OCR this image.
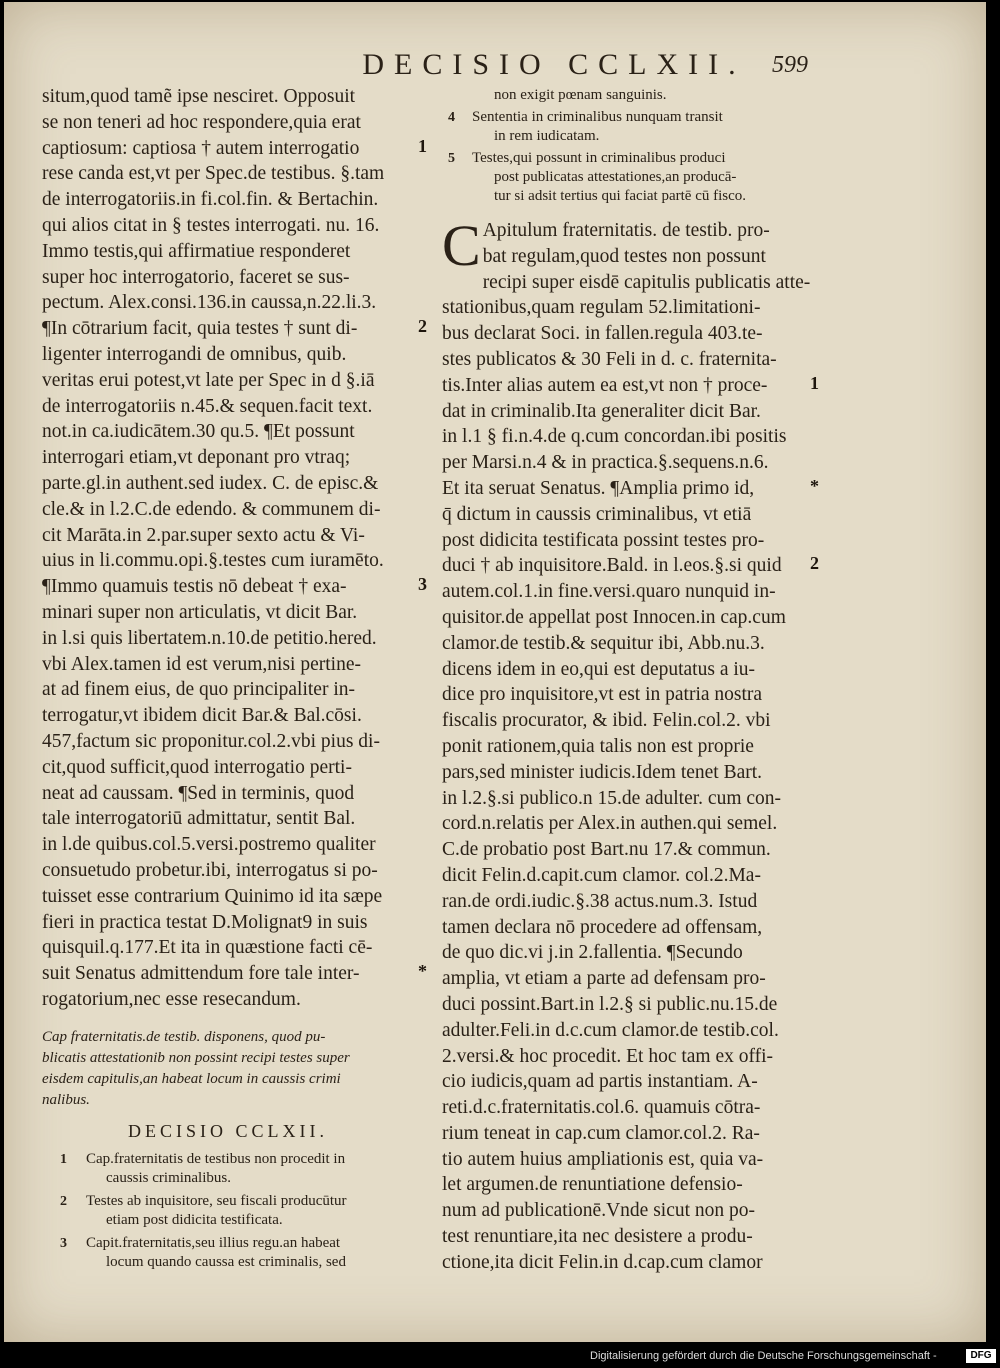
DECISIO CCLXII.	599
situm,quod tamẽ ipse nesciret. Opposuit
se non teneri ad hoc respondere,quia erat
captiosum: captiosa † autem interrogatio
rese canda est,vt per Spec.de testibus. §.tam
de interrogatoriis.in fi.col.fin. & Bertachin.
qui alios citat in § testes interrogati. nu. 16.
Immo testis,qui affirmatiue responderet
super hoc interrogatorio, faceret se sus-
pectum. Alex.consi.136.in caussa,n.22.li.3.
¶In cōtrarium facit, quia testes † sunt di-
ligenter interrogandi de omnibus, quib.
veritas erui potest,vt late per Spec in d §.iā
de interrogatoriis n.45.& sequen.facit text.
not.in ca.iudicātem.30 qu.5. ¶Et possunt
interrogari etiam,vt deponant pro vtraq;
parte.gl.in authent.sed iudex. C. de episc.&
cle.& in l.2.C.de edendo. & communem di-
cit Marāta.in 2.par.super sexto actu & Vi-
uius in li.commu.opi.§.testes cum iuramēto.
¶Immo quamuis testis nō debeat † exa-
minari super non articulatis, vt dicit Bar.
in l.si quis libertatem.n.10.de petitio.hered.
vbi Alex.tamen id est verum,nisi pertine-
at ad finem eius, de quo principaliter in-
terrogatur,vt ibidem dicit Bar.& Bal.cōsi.
457,factum sic proponitur.col.2.vbi pius di-
cit,quod sufficit,quod interrogatio perti-
neat ad caussam. ¶Sed in terminis, quod
tale interrogatoriū admittatur, sentit Bal.
in l.de quibus.col.5.versi.postremo qualiter
consuetudo probetur.ibi, interrogatus si po-
tuisset esse contrarium Quinimo id ita sæpe
fieri in practica testat D.Molignat9 in suis
quisquil.q.177.Et ita in quæstione facti cē-
suit Senatus admittendum fore tale inter-
rogatorium,nec esse resecandum.
1
2
3
*
Cap fraternitatis.de testib. disponens, quod pu-
blicatis attestationib non possint recipi testes super
eisdem capitulis,an habeat locum in caussis crimi
nalibus.
DECISIO CCLXII.
1 Cap.fraternitatis de testibus non procedit in
caussis criminalibus.
2 Testes ab inquisitore, seu fiscali producūtur
etiam post didicita testificata.
3 Capit.fraternitatis,seu illius regu.an habeat
locum quando caussa est criminalis, sed
non exigit pœnam sanguinis.
4 Sententia in criminalibus nunquam transit
in rem iudicatam.
5 Testes,qui possunt in criminalibus produci
post publicatas attestationes,an producā-
tur si adsit tertius qui faciat partē cū fisco.
C Apitulum fraternitatis. de testib. pro-
bat regulam,quod testes non possunt
recipi super eisdē capitulis publicatis atte-
stationibus,quam regulam 52.limitationi-
bus declarat Soci. in fallen.regula 403.te-
stes publicatos & 30 Feli in d. c. fraternita-
tis.Inter alias autem ea est,vt non † proce-
dat in criminalib.Ita generaliter dicit Bar.
in l.1 § fi.n.4.de q.cum concordan.ibi positis
per Marsi.n.4 & in practica.§.sequens.n.6.
Et ita seruat Senatus. ¶Amplia primo id,
q̄ dictum in caussis criminalibus, vt etiā
post didicita testificata possint testes pro-
duci † ab inquisitore.Bald. in l.eos.§.si quid
autem.col.1.in fine.versi.quaro nunquid in-
quisitor.de appellat post Innocen.in cap.cum
clamor.de testib.& sequitur ibi, Abb.nu.3.
dicens idem in eo,qui est deputatus a iu-
dice pro inquisitore,vt est in patria nostra
fiscalis procurator, & ibid. Felin.col.2. vbi
ponit rationem,quia talis non est proprie
pars,sed minister iudicis.Idem tenet Bart.
in l.2.§.si publico.n 15.de adulter. cum con-
cord.n.relatis per Alex.in authen.qui semel.
C.de probatio post Bart.nu 17.& commun.
dicit Felin.d.capit.cum clamor. col.2.Ma-
ran.de ordi.iudic.§.38 actus.num.3. Istud
tamen declara nō procedere ad offensam,
de quo dic.vi j.in 2.fallentia. ¶Secundo
amplia, vt etiam a parte ad defensam pro-
duci possint.Bart.in l.2.§ si public.nu.15.de
adulter.Feli.in d.c.cum clamor.de testib.col.
2.versi.& hoc procedit. Et hoc tam ex offi-
cio iudicis,quam ad partis instantiam. A-
reti.d.c.fraternitatis.col.6. quamuis cōtra-
rium teneat in cap.cum clamor.col.2. Ra-
tio autem huius ampliationis est, quia va-
let argumen.de renuntiatione defensio-
num ad publicationē.Vnde sicut non po-
test renuntiare,ita nec desistere a produ-
ctione,ita dicit Felin.in d.cap.cum clamor
1
*
2
Digitalisierung gefördert durch die Deutsche Forschungsgemeinschaft -	DFG
